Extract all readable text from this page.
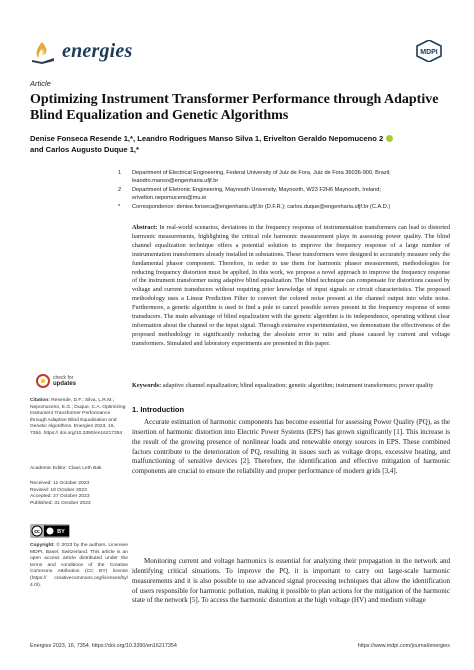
energies	MDPI
Article
Optimizing Instrument Transformer Performance through Adaptive Blind Equalization and Genetic Algorithms
Denise Fonseca Resende 1,*, Leandro Rodrigues Manso Silva 1, Erivelton Geraldo Nepomuceno 2
and Carlos Augusto Duque 1,*
1 Department of Electrical Engineering, Federal University of Juiz de Fora, Juiz de Fora 36036-900, Brazil; leandro.manso@engenharia.ufjf.br
2 Department of Eletronic Engineering, Maynooth University, Maynooth, W23 F2H6 Maynooth, Ireland; erivelton.nepomuceno@mu.ie
* Correspondence: denise.fonseca@engenharia.ufjf.br (D.F.R.); carlos.duque@engenharia.ufjf.br (C.A.D.)
Abstract: In real-world scenarios, deviations in the frequency response of instrumentation transformers can lead to distorted harmonic measurements, highlighting the critical role harmonic measurement plays in assessing power quality. The blind channel equalization technique offers a potential solution to improve the frequency response of a large number of instrumentation transformers already installed in substations. These transformers were designed to accurately measure only the fundamental phasor component. Therefore, in order to use them for harmonic phasor measurement, methodologies for reducing frequency distortion must be applied. In this work, we propose a novel approach to improve the frequency response of the instrument transformer using adaptive blind equalization. The blind technique can compensate for distortions caused by voltage and current transducers without requiring prior knowledge of input signals or circuit characteristics. The proposed methodology uses a Linear Prediction Filter to convert the colored noise present at the channel output into white noise. Furthermore, a genetic algorithm is used to find a pole to cancel possible zeroes present in the frequency response of some transducers. The main advantage of blind equalization with the genetic algorithm is its independence, operating without clear information about the channel or the input signal. Through extensive experimentation, we demonstrate the effectiveness of the proposed methodology in significantly reducing the absolute error in ratio and phase caused by current and voltage transformers. Simulated and laboratory experiments are presented in this paper.
Keywords: adaptive channel equalization; blind equalization; genetic algorithm; instrument transformers; power quality
check for
updates
Citation: Resende, D.F.; Silva, L.R.M.; Nepomuceno, E.G.; Duque, C.A. Optimizing Instrument Transformer Performance through Adaptive Blind Equalization and Genetic Algorithms. Energies 2023, 16, 7354. https:// doi.org/10.3390/en16217354
Academic Editor: Claus Leth Bak
Received: 11 October 2023
Revised: 18 October 2023
Accepted: 27 October 2023
Published: 31 October 2023
cc	BY
Copyright: © 2023 by the authors. Licensee MDPI, Basel, Switzerland. This article is an open access article distributed under the terms and conditions of the Creative Commons Attribution (CC BY) license (https:// creativecommons.org/licenses/by/ 4.0/).
1. Introduction
Accurate estimation of harmonic components has become essential for assessing Power Quality (PQ), as the insertion of harmonic distortion into Electric Power Systems (EPS) has grown significantly [1]. This increase is the result of the growing presence of nonlinear loads and renewable energy sources in EPS. These combined factors contribute to the deterioration of PQ, resulting in issues such as voltage drops, excessive heating, and malfunctioning of sensitive devices [2]. Therefore, the identification and effective mitigation of harmonic components are crucial to ensure the reliability and proper performance of modern grids [3,4].
Monitoring current and voltage harmonics is essential for analyzing their propagation in the network and identifying critical situations. To improve the PQ, it is important to carry out large-scale harmonic measurements and it is also possible to use advanced signal processing techniques that allow the identification of users responsible for harmonic pollution, making it possible to plan actions for the mitigation of the harmonic state of the network [5]. To access the harmonic distortion at the high voltage (HV) and medium voltage
Energies 2023, 16, 7354. https://doi.org/10.3390/en16217354	https://www.mdpi.com/journal/energies
